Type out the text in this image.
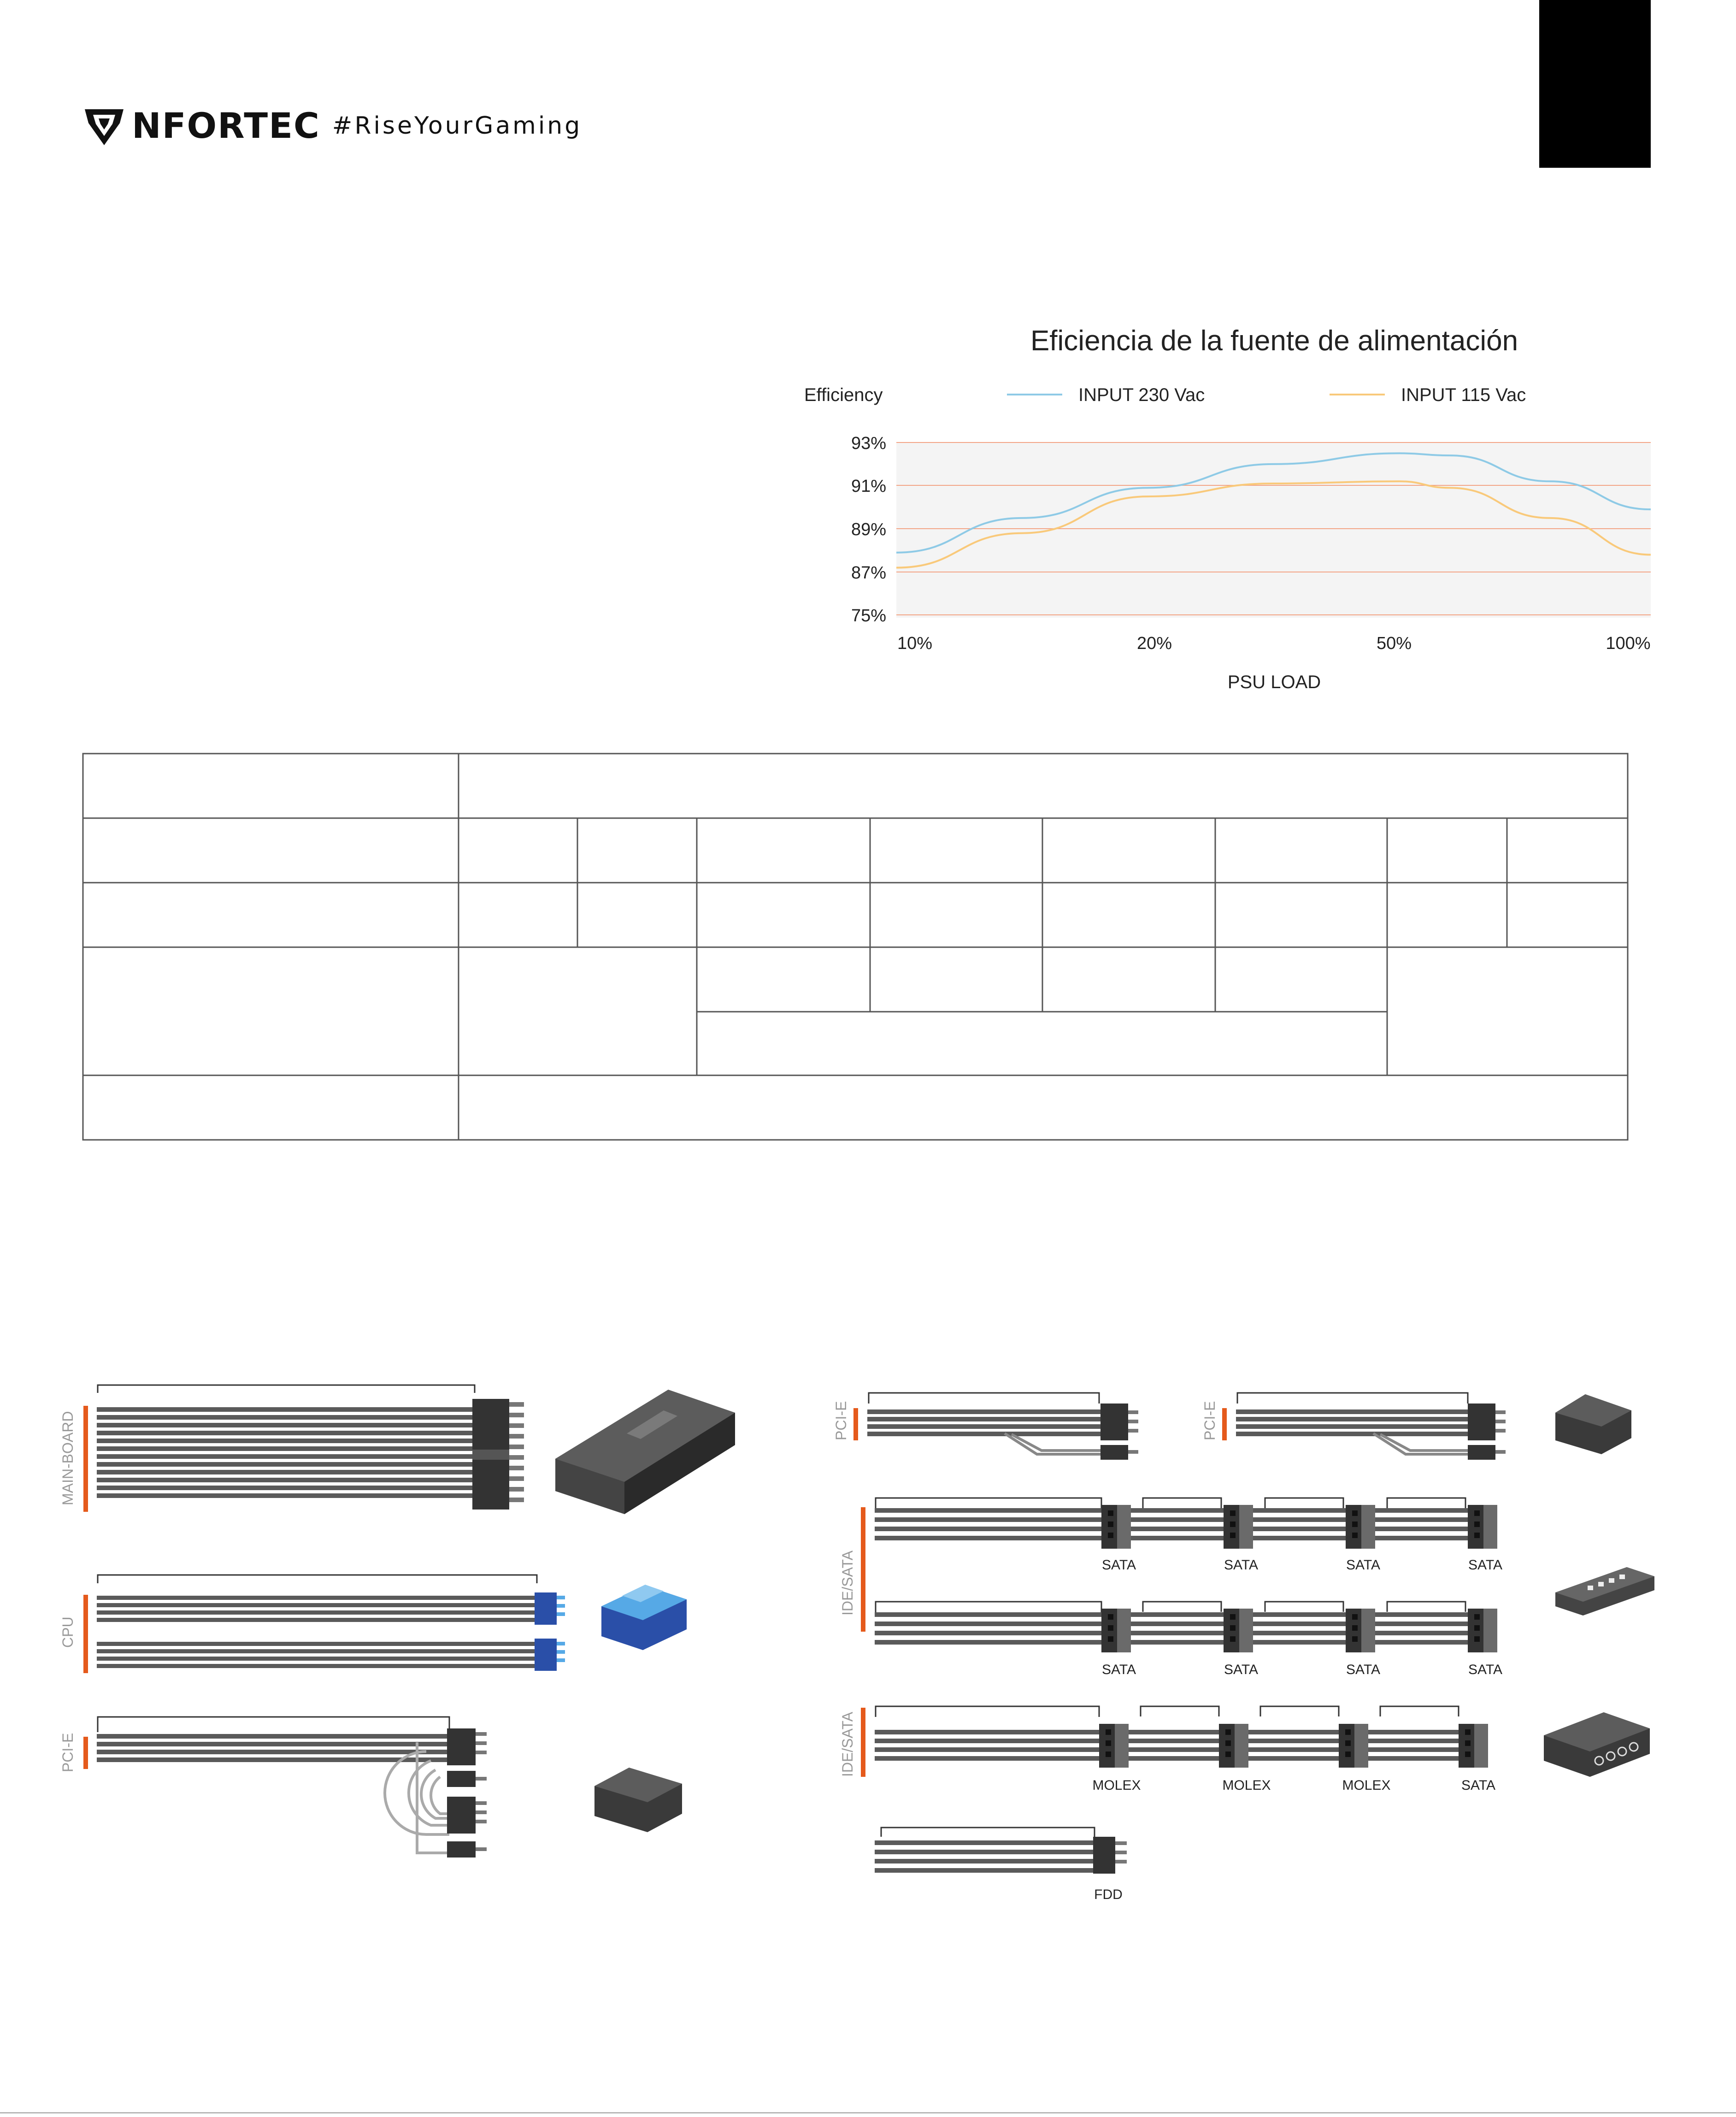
NFORTEC #RiseYourGaming
Eficiencia de la fuente de alimentación
Efficiency	INPUT 230 Vac	INPUT 115 Vac
93%
91%
89%
87%
75%
10%	20%	50%	100%
PSU LOAD
MAIN-BOARD
CPU
PCI-E
PCI-E	PCI-E
IDE/SATA	SATA	SATA	SATA	SATA
SATA	SATA	SATA	SATA
IDE/SATA
MOLEX	MOLEX	MOLEX	SATA
FDD
